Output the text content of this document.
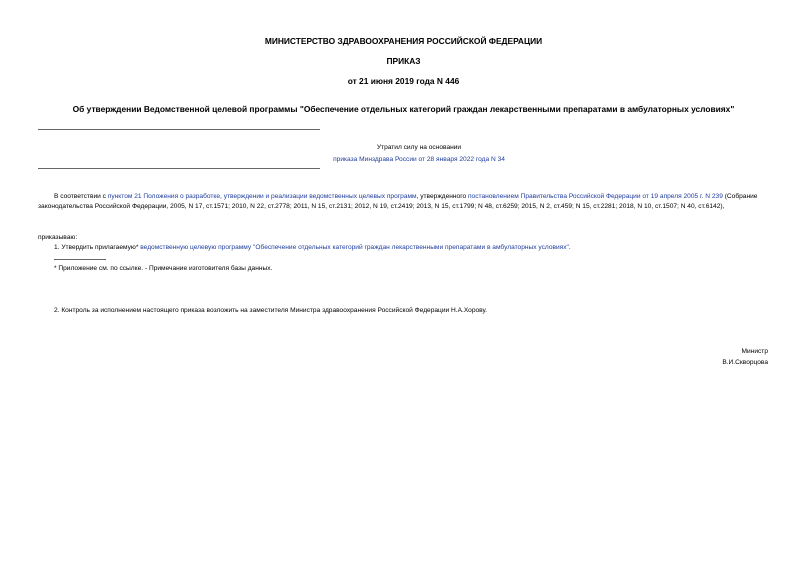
МИНИСТЕРСТВО ЗДРАВООХРАНЕНИЯ РОССИЙСКОЙ ФЕДЕРАЦИИ
ПРИКАЗ
от 21 июня 2019 года N 446
Об утверждении Ведомственной целевой программы "Обеспечение отдельных категорий граждан лекарственными препаратами в амбулаторных условиях"
Утратил силу на основании
приказа Минздрава России от 28 января 2022 года N 34
В соответствии с пунктом 21 Положения о разработке, утверждении и реализации ведомственных целевых программ, утвержденного постановлением Правительства Российской Федерации от 19 апреля 2005 г. N 239 (Собрание законодательства Российской Федерации, 2005, N 17, ст.1571; 2010, N 22, ст.2778; 2011, N 15, ст.2131; 2012, N 19, ст.2419; 2013, N 15, ст.1799; N 48, ст.6259; 2015, N 2, ст.459; N 15, ст.2281; 2018, N 10, ст.1507; N 40, ст.6142),
приказываю:
1. Утвердить прилагаемую* ведомственную целевую программу "Обеспечение отдельных категорий граждан лекарственными препаратами в амбулаторных условиях".
* Приложение см. по ссылке. - Примечание изготовителя базы данных.
2. Контроль за исполнением настоящего приказа возложить на заместителя Министра здравоохранения Российской Федерации Н.А.Хорову.
Министр
В.И.Скворцова
